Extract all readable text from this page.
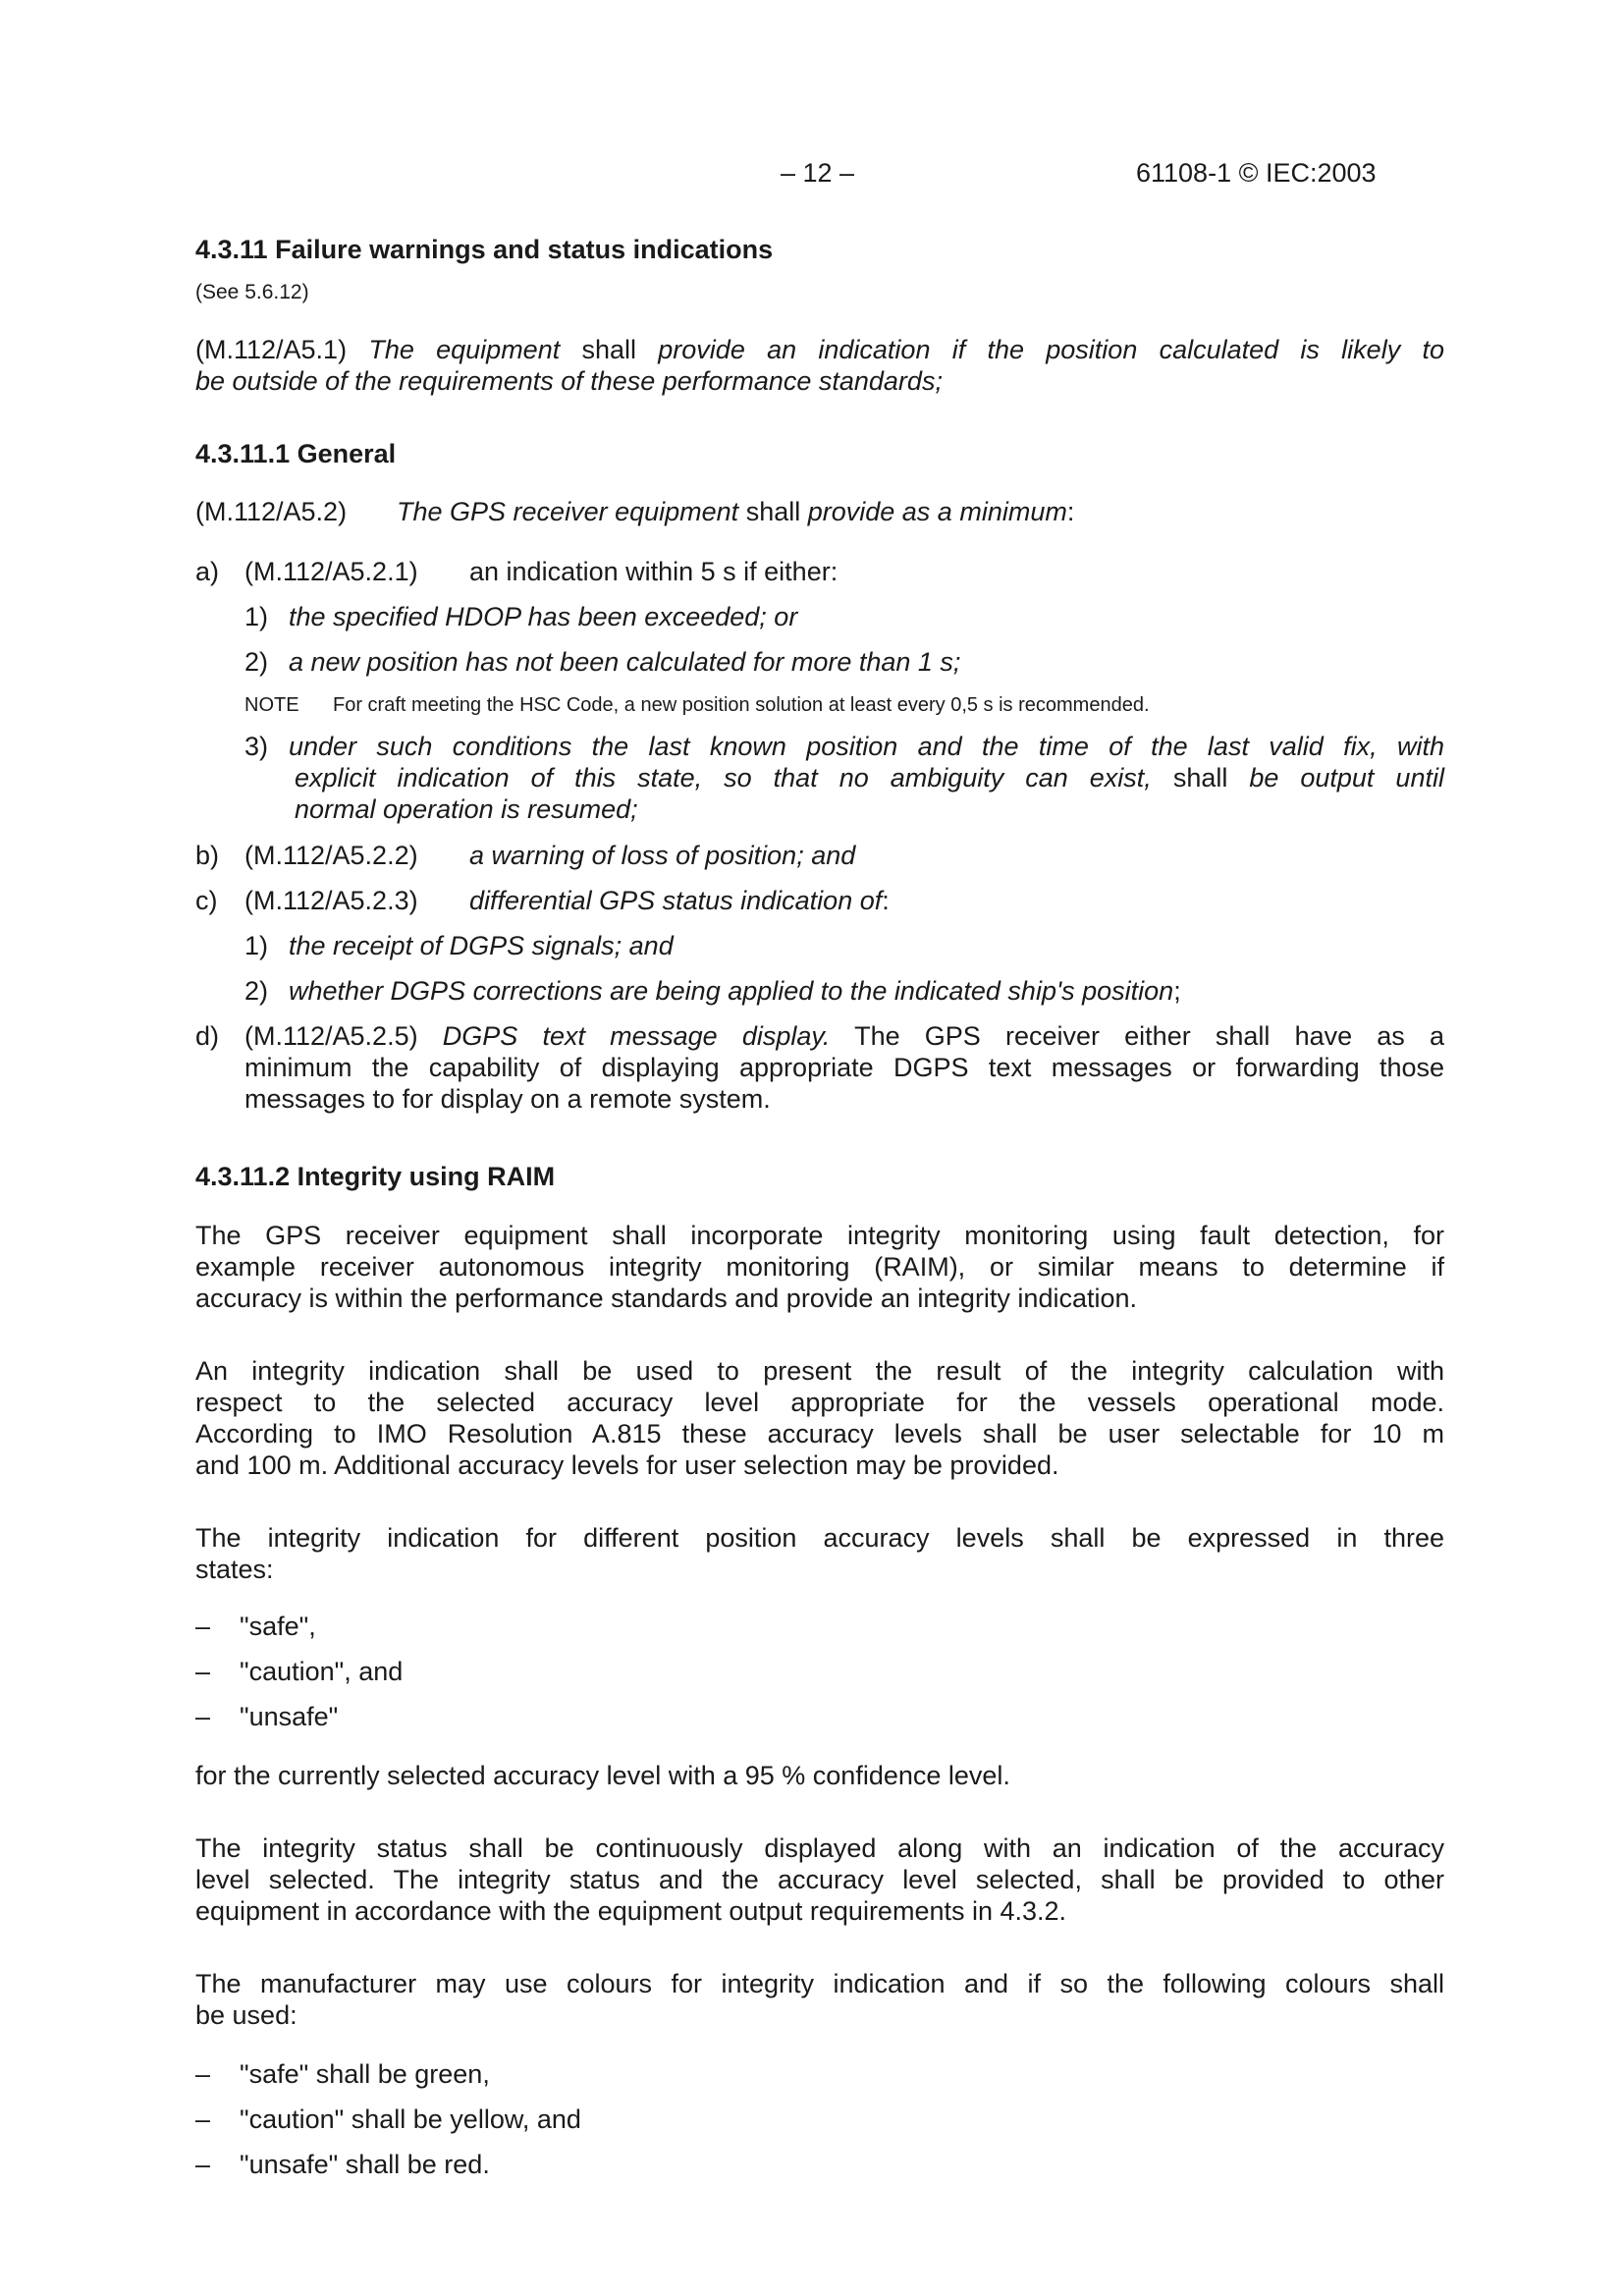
– 12 –	61108-1 © IEC:2003
4.3.11 Failure warnings and status indications
(See 5.6.12)
(M.112/A5.1) The equipment shall provide an indication if the position calculated is likely to
be outside of the requirements of these performance standards;
4.3.11.1 General
(M.112/A5.2) The GPS receiver equipment shall provide as a minimum:
a) (M.112/A5.2.1) an indication within 5 s if either:
1) the specified HDOP has been exceeded; or
2) a new position has not been calculated for more than 1 s;
NOTE For craft meeting the HSC Code, a new position solution at least every 0,5 s is recommended.
3) under such conditions the last known position and the time of the last valid fix, with
explicit indication of this state, so that no ambiguity can exist, shall be output until
normal operation is resumed;
b) (M.112/A5.2.2) a warning of loss of position; and
c) (M.112/A5.2.3) differential GPS status indication of:
1) the receipt of DGPS signals; and
2) whether DGPS corrections are being applied to the indicated ship's position;
d) (M.112/A5.2.5) DGPS text message display. The GPS receiver either shall have as a
minimum the capability of displaying appropriate DGPS text messages or forwarding those
messages to for display on a remote system.
4.3.11.2 Integrity using RAIM
The GPS receiver equipment shall incorporate integrity monitoring using fault detection, for
example receiver autonomous integrity monitoring (RAIM), or similar means to determine if
accuracy is within the performance standards and provide an integrity indication.
An integrity indication shall be used to present the result of the integrity calculation with
respect to the selected accuracy level appropriate for the vessels operational mode.
According to IMO Resolution A.815 these accuracy levels shall be user selectable for 10 m
and 100 m. Additional accuracy levels for user selection may be provided.
The integrity indication for different position accuracy levels shall be expressed in three
states:
– "safe",
– "caution", and
– "unsafe"
for the currently selected accuracy level with a 95 % confidence level.
The integrity status shall be continuously displayed along with an indication of the accuracy
level selected. The integrity status and the accuracy level selected, shall be provided to other
equipment in accordance with the equipment output requirements in 4.3.2.
The manufacturer may use colours for integrity indication and if so the following colours shall
be used:
– "safe" shall be green,
– "caution" shall be yellow, and
– "unsafe" shall be red.
